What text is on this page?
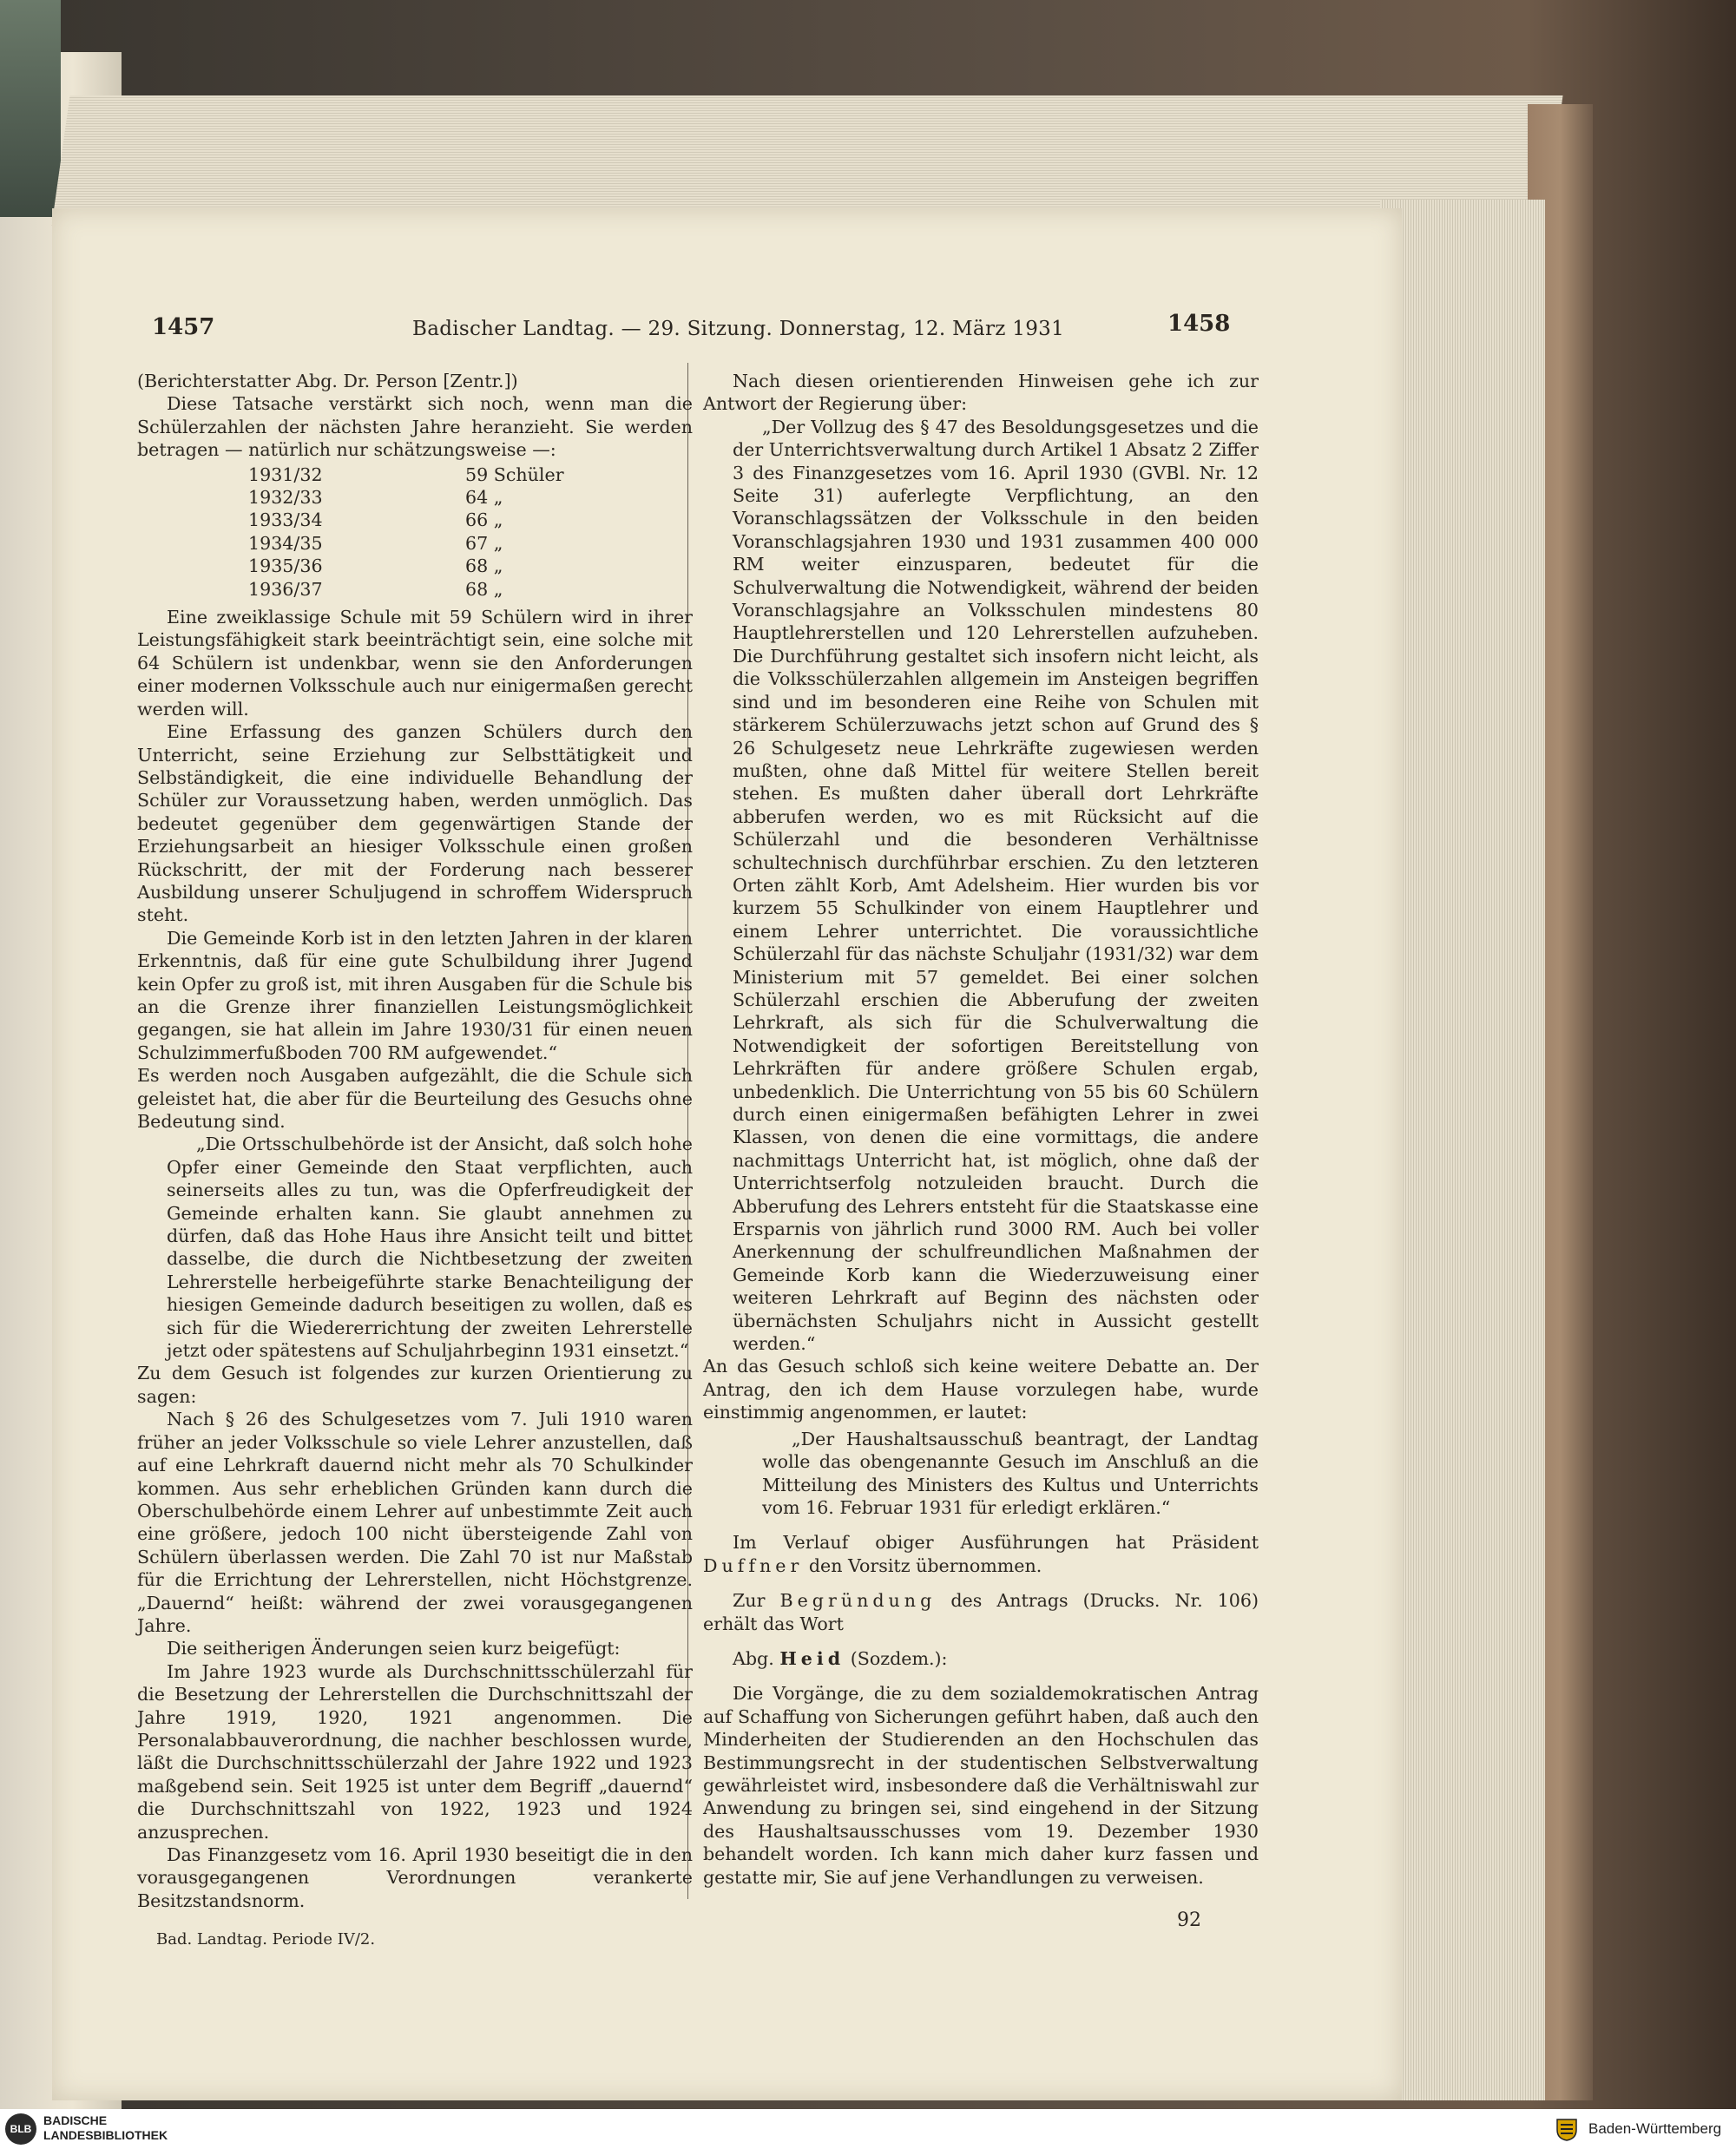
1457	Badischer Landtag. — 29. Sitzung. Donnerstag, 12. März 1931	1458

(Berichterstatter Abg. Dr. Person [Zentr.])

Diese Tatsache verstärkt sich noch, wenn man die Schülerzahlen der nächsten Jahre heranzieht. Sie werden betragen — natürlich nur schätzungsweise —:

1931/32	59 Schüler
1932/33	64 „
1933/34	66 „
1934/35	67 „
1935/36	68 „
1936/37	68 „

Eine zweiklassige Schule mit 59 Schülern wird in ihrer Leistungsfähigkeit stark beeinträchtigt sein, eine solche mit 64 Schülern ist undenkbar, wenn sie den Anforderungen einer modernen Volksschule auch nur einigermaßen gerecht werden will.

Eine Erfassung des ganzen Schülers durch den Unterricht, seine Erziehung zur Selbsttätigkeit und Selbständigkeit, die eine individuelle Behandlung der Schüler zur Voraussetzung haben, werden unmöglich. Das bedeutet gegenüber dem gegenwärtigen Stande der Erziehungsarbeit an hiesiger Volksschule einen großen Rückschritt, der mit der Forderung nach besserer Ausbildung unserer Schuljugend in schroffem Widerspruch steht.

Die Gemeinde Korb ist in den letzten Jahren in der klaren Erkenntnis, daß für eine gute Schulbildung ihrer Jugend kein Opfer zu groß ist, mit ihren Ausgaben für die Schule bis an die Grenze ihrer finanziellen Leistungsmöglichkeit gegangen, sie hat allein im Jahre 1930/31 für einen neuen Schulzimmerfußboden 700 RM aufgewendet.“

Es werden noch Ausgaben aufgezählt, die die Schule sich geleistet hat, die aber für die Beurteilung des Gesuchs ohne Bedeutung sind.

„Die Ortsschulbehörde ist der Ansicht, daß solch hohe Opfer einer Gemeinde den Staat verpflichten, auch seinerseits alles zu tun, was die Opferfreudigkeit der Gemeinde erhalten kann. Sie glaubt annehmen zu dürfen, daß das Hohe Haus ihre Ansicht teilt und bittet dasselbe, die durch die Nichtbesetzung der zweiten Lehrerstelle herbeigeführte starke Benachteiligung der hiesigen Gemeinde dadurch beseitigen zu wollen, daß es sich für die Wiedererrichtung der zweiten Lehrerstelle jetzt oder spätestens auf Schuljahrbeginn 1931 einsetzt.“

Zu dem Gesuch ist folgendes zur kurzen Orientierung zu sagen:

Nach § 26 des Schulgesetzes vom 7. Juli 1910 waren früher an jeder Volksschule so viele Lehrer anzustellen, daß auf eine Lehrkraft dauernd nicht mehr als 70 Schulkinder kommen. Aus sehr erheblichen Gründen kann durch die Oberschulbehörde einem Lehrer auf unbestimmte Zeit auch eine größere, jedoch 100 nicht übersteigende Zahl von Schülern überlassen werden. Die Zahl 70 ist nur Maßstab für die Errichtung der Lehrerstellen, nicht Höchstgrenze. „Dauernd“ heißt: während der zwei vorausgegangenen Jahre.

Die seitherigen Änderungen seien kurz beigefügt:

Im Jahre 1923 wurde als Durchschnittsschülerzahl für die Besetzung der Lehrerstellen die Durchschnittszahl der Jahre 1919, 1920, 1921 angenommen. Die Personalabbauverordnung, die nachher beschlossen wurde, läßt die Durchschnittsschülerzahl der Jahre 1922 und 1923 maßgebend sein. Seit 1925 ist unter dem Begriff „dauernd“ die Durchschnittszahl von 1922, 1923 und 1924 anzusprechen.

Das Finanzgesetz vom 16. April 1930 beseitigt die in den vorausgegangenen Verordnungen verankerte Besitzstandsnorm.

Nach diesen orientierenden Hinweisen gehe ich zur Antwort der Regierung über:

„Der Vollzug des § 47 des Besoldungsgesetzes und die der Unterrichtsverwaltung durch Artikel 1 Absatz 2 Ziffer 3 des Finanzgesetzes vom 16. April 1930 (GVBl. Nr. 12 Seite 31) auferlegte Verpflichtung, an den Voranschlagssätzen der Volksschule in den beiden Voranschlagsjahren 1930 und 1931 zusammen 400 000 RM weiter einzusparen, bedeutet für die Schulverwaltung die Notwendigkeit, während der beiden Voranschlagsjahre an Volksschulen mindestens 80 Hauptlehrerstellen und 120 Lehrerstellen aufzuheben. Die Durchführung gestaltet sich insofern nicht leicht, als die Volksschülerzahlen allgemein im Ansteigen begriffen sind und im besonderen eine Reihe von Schulen mit stärkerem Schülerzuwachs jetzt schon auf Grund des § 26 Schulgesetz neue Lehrkräfte zugewiesen werden mußten, ohne daß Mittel für weitere Stellen bereit stehen. Es mußten daher überall dort Lehrkräfte abberufen werden, wo es mit Rücksicht auf die Schülerzahl und die besonderen Verhältnisse schultechnisch durchführbar erschien. Zu den letzteren Orten zählt Korb, Amt Adelsheim. Hier wurden bis vor kurzem 55 Schulkinder von einem Hauptlehrer und einem Lehrer unterrichtet. Die voraussichtliche Schülerzahl für das nächste Schuljahr (1931/32) war dem Ministerium mit 57 gemeldet. Bei einer solchen Schülerzahl erschien die Abberufung der zweiten Lehrkraft, als sich für die Schulverwaltung die Notwendigkeit der sofortigen Bereitstellung von Lehrkräften für andere größere Schulen ergab, unbedenklich. Die Unterrichtung von 55 bis 60 Schülern durch einen einigermaßen befähigten Lehrer in zwei Klassen, von denen die eine vormittags, die andere nachmittags Unterricht hat, ist möglich, ohne daß der Unterrichtserfolg notzuleiden braucht. Durch die Abberufung des Lehrers entsteht für die Staatskasse eine Ersparnis von jährlich rund 3000 RM. Auch bei voller Anerkennung der schulfreundlichen Maßnahmen der Gemeinde Korb kann die Wiederzuweisung einer weiteren Lehrkraft auf Beginn des nächsten oder übernächsten Schuljahrs nicht in Aussicht gestellt werden.“

An das Gesuch schloß sich keine weitere Debatte an. Der Antrag, den ich dem Hause vorzulegen habe, wurde einstimmig angenommen, er lautet:

„Der Haushaltsausschuß beantragt, der Landtag wolle das obengenannte Gesuch im Anschluß an die Mitteilung des Ministers des Kultus und Unterrichts vom 16. Februar 1931 für erledigt erklären.“

Im Verlauf obiger Ausführungen hat Präsident Duffner den Vorsitz übernommen.

Zur Begründung des Antrags (Drucks. Nr. 106) erhält das Wort

Abg. Heid (Sozdem.):

Die Vorgänge, die zu dem sozialdemokratischen Antrag auf Schaffung von Sicherungen geführt haben, daß auch den Minderheiten der Studierenden an den Hochschulen das Bestimmungsrecht in der studentischen Selbstverwaltung gewährleistet wird, insbesondere daß die Verhältniswahl zur Anwendung zu bringen sei, sind eingehend in der Sitzung des Haushaltsausschusses vom 19. Dezember 1930 behandelt worden. Ich kann mich daher kurz fassen und gestatte mir, Sie auf jene Verhandlungen zu verweisen.

92
Bad. Landtag. Periode IV/2.
BLB
BADISCHE
LANDESBIBLIOTHEK	Baden-Württemberg
